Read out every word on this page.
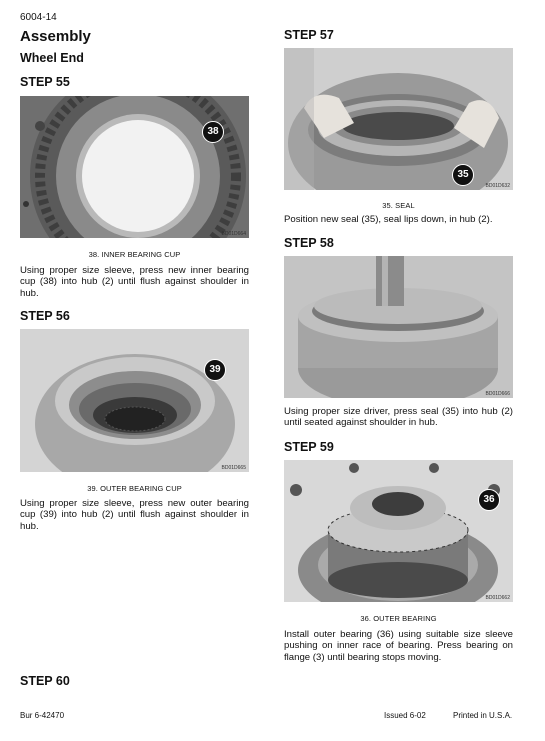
6004-14
Assembly
Wheel End
STEP 55
BD01D664
38
38. INNER BEARING CUP
Using proper size sleeve, press new inner bearing cup (38) into hub (2) until flush against shoulder in hub.
STEP 56
BD01D665
39
39. OUTER BEARING CUP
Using proper size sleeve, press new outer bearing cup (39) into hub (2) until flush against shoulder in hub.
STEP 57
BD01D632
35
35. SEAL
Position new seal (35), seal lips down, in hub (2).
STEP 58
BD01D666
Using proper size driver, press seal (35) into hub (2) until seated against shoulder in hub.
STEP 59
BD01D662
36
36. OUTER BEARING
Install outer bearing (36) using suitable size sleeve pushing on inner race of bearing. Press bearing on flange (3) until bearing stops moving.
STEP 60
Bur 6-42470	Issued 6-02	Printed in U.S.A.
